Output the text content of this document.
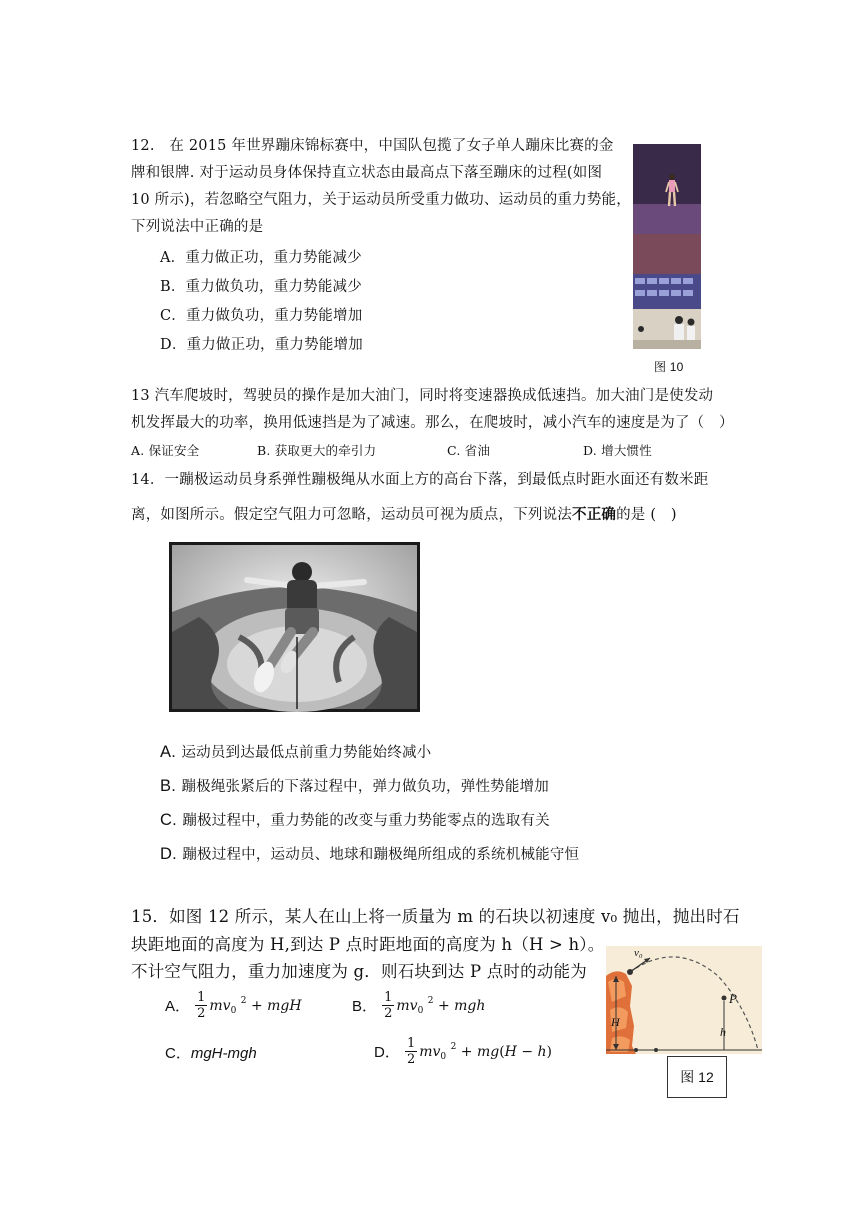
12.　在 2015 年世界蹦床锦标赛中，中国队包揽了女子单人蹦床比赛的金
牌和银牌. 对于运动员身体保持直立状态由最高点下落至蹦床的过程(如图
10 所示)，若忽略空气阻力，关于运动员所受重力做功、运动员的重力势能，
下列说法中正确的是
A．重力做正功，重力势能减少
B．重力做负功，重力势能减少
C．重力做负功，重力势能增加
D．重力做正功，重力势能增加
图 10
13 汽车爬坡时，驾驶员的操作是加大油门，同时将变速器换成低速挡。加大油门是使发动
机发挥最大的功率，换用低速挡是为了减速。那么，在爬坡时，减小汽车的速度是为了（　）
A. 保证安全	B. 获取更大的牵引力	C. 省油	D. 增大惯性
14．一蹦极运动员身系弹性蹦极绳从水面上方的高台下落，到最低点时距水面还有数米距
离，如图所示。假定空气阻力可忽略，运动员可视为质点，下列说法不正确的是 (　)
A. 运动员到达最低点前重力势能始终减小
B. 蹦极绳张紧后的下落过程中，弹力做负功，弹性势能增加
C. 蹦极过程中，重力势能的改变与重力势能零点的选取有关
D. 蹦极过程中，运动员、地球和蹦极绳所组成的系统机械能守恒
15．如图 12 所示，某人在山上将一质量为 m 的石块以初速度 v₀ 抛出，抛出时石
块距地面的高度为 H,到达 P 点时距地面的高度为 h（H > h）。
不计空气阻力，重力加速度为 g．则石块到达 P 点时的动能为
A． $\frac{1}{2} mv_0$ $^2$ + mgH	B． $\frac{1}{2} mv_0$ $^2$ + mgh
C．mgH-mgh	D． $\frac{1}{2} mv_0$ $^2$ + mg(H − h)
v₀
P
h
H
图 12
